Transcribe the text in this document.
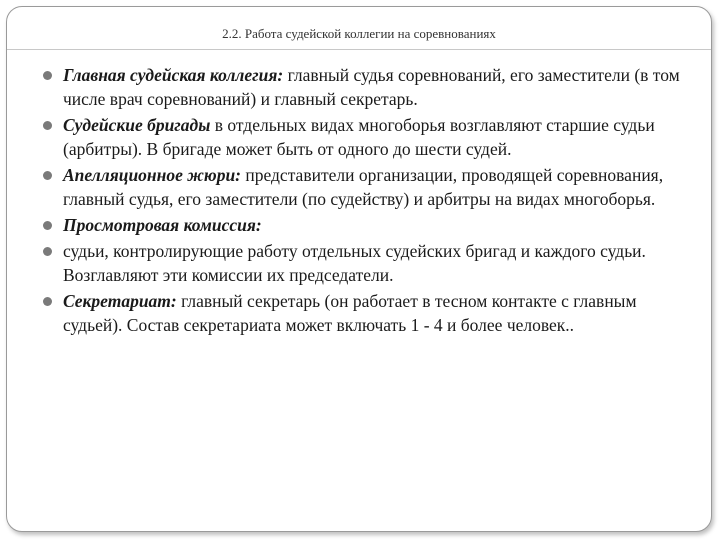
2.2. Работа судейской коллегии на соревнованиях
Главная судейская коллегия: главный судья соревнований, его заместители (в том числе врач соревнований) и главный секретарь.
Судейские бригады в отдельных видах многоборья возглавляют старшие судьи (арбитры). В бригаде может быть от одного до шести судей.
Апелляционное жюри: представители организации, проводящей соревнования, главный судья, его заместители (по судейству) и арбитры на видах многоборья.
Просмотровая комиссия:
судьи, контролирующие работу отдельных судейских бригад и каждого судьи. Возглавляют эти комиссии их председатели.
Секретариат: главный секретарь (он работает в тесном контакте с главным судьей). Состав секретариата может включать 1 - 4 и более человек..
